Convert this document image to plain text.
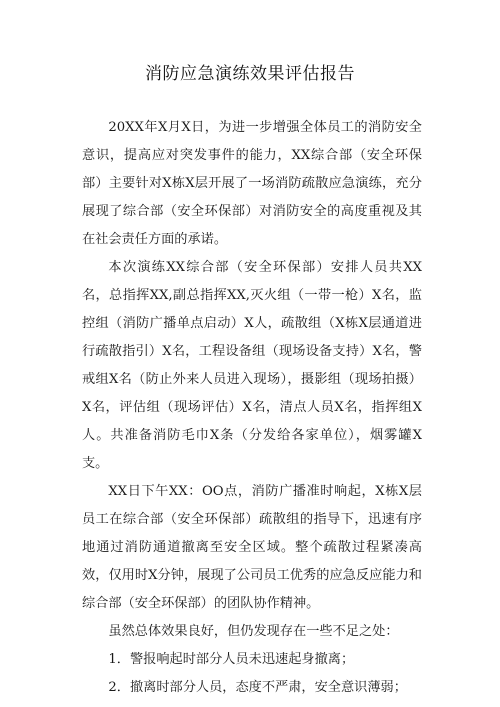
消防应急演练效果评估报告

20XX年X月X日，为进一步增强全体员工的消防安全意识，提高应对突发事件的能力，XX综合部（安全环保部）主要针对X栋X层开展了一场消防疏散应急演练，充分展现了综合部（安全环保部）对消防安全的高度重视及其在社会责任方面的承诺。

本次演练XX综合部（安全环保部）安排人员共XX名，总指挥XX,副总指挥XX,灭火组（一带一枪）X名，监控组（消防广播单点启动）X人，疏散组（X栋X层通道进行疏散指引）X名，工程设备组（现场设备支持）X名，警戒组X名（防止外来人员进入现场），摄影组（现场拍摄）X名，评估组（现场评估）X名，清点人员X名，指挥组X人。共准备消防毛巾X条（分发给各家单位），烟雾罐X支。

XX日下午XX：OO点，消防广播准时响起，X栋X层员工在综合部（安全环保部）疏散组的指导下，迅速有序地通过消防通道撤离至安全区域。整个疏散过程紧凑高效，仅用时X分钟，展现了公司员工优秀的应急反应能力和综合部（安全环保部）的团队协作精神。

虽然总体效果良好，但仍发现存在一些不足之处：

1．警报响起时部分人员未迅速起身撤离；

2．撤离时部分人员，态度不严肃，安全意识薄弱；
